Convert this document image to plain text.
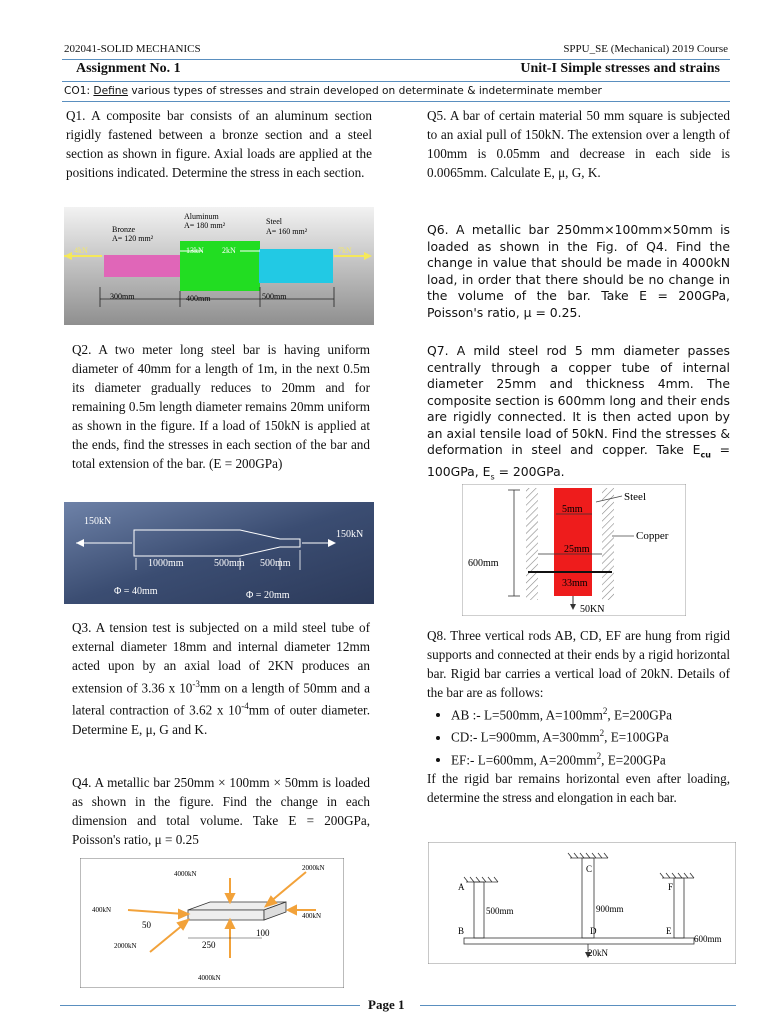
202041-SOLID MECHANICS	SPPU_SE (Mechanical) 2019 Course
Assignment No. 1	Unit-I Simple stresses and strains
CO1: Define various types of stresses and strain developed on determinate & indeterminate member
Q1. A composite bar consists of an aluminum section rigidly fastened between a bronze section and a steel section as shown in figure. Axial loads are applied at the positions indicated. Determine the stress in each section.
Aluminum
A= 180 mm²
Bronze
A= 120 mm²
Steel
A= 160 mm²
4kN	13kN 2kN	7kN
300mm	400mm	500mm
Q2. A two meter long steel bar is having uniform diameter of 40mm for a length of 1m, in the next 0.5m its diameter gradually reduces to 20mm and for remaining 0.5m length diameter remains 20mm uniform as shown in the figure. If a load of 150kN is applied at the ends, find the stresses in each section of the bar and total extension of the bar. (E = 200GPa)
150kN
150kN
1000mm	500mm 500mm
Φ = 40mm	Φ = 20mm
Q3. A tension test is subjected on a mild steel tube of external diameter 18mm and internal diameter 12mm acted upon by an axial load of 2KN produces an extension of 3.36 x $10^{-3}mm$ on a length of 50mm and a lateral contraction of 3.62 x $10^{-4}mm$ of outer diameter. Determine E, μ, G and K.
Q4. A metallic bar 250mm × 100mm × 50mm is loaded as shown in the figure. Find the change in each dimension and total volume. Take E = 200GPa, Poisson's ratio, μ = 0.25
4000kN
2000kN
400kN
400kN
2000kN
4000kN
50
250
100
Q5. A bar of certain material 50 mm square is subjected to an axial pull of 150kN. The extension over a length of 100mm is 0.05mm and decrease in each side is 0.0065mm. Calculate E, μ, G, K.
Q6. A metallic bar 250mm×100mm×50mm is loaded as shown in the Fig. of Q4. Find the change in value that should be made in 4000kN load, in order that there should be no change in the volume of the bar. Take E = 200GPa, Poisson's ratio, μ = 0.25.
Q7. A mild steel rod 5 mm diameter passes centrally through a copper tube of internal diameter 25mm and thickness 4mm. The composite section is 600mm long and their ends are rigidly connected. It is then acted upon by an axial tensile load of 50kN. Find the stresses & deformation in steel and copper. Take $E_{cu} = 100GPa$, $E_s = 200GPa$.
Steel
Copper
5mm
25mm
33mm
600mm
50KN
Q8. Three vertical rods AB, CD, EF are hung from rigid supports and connected at their ends by a rigid horizontal bar. Rigid bar carries a vertical load of 20kN. Details of the bar are as follows:
• AB :- L=500mm, $A=100mm^2$, E=200GPa
• CD:- L=900mm, $A=300mm^2$, E=100GPa
• EF:- L=600mm, $A=200mm^2$, E=200GPa
If the rigid bar remains horizontal even after loading, determine the stress and elongation in each bar.
A
B
C
D	E
F
500mm	900mm
600mm
20kN
Page 1
